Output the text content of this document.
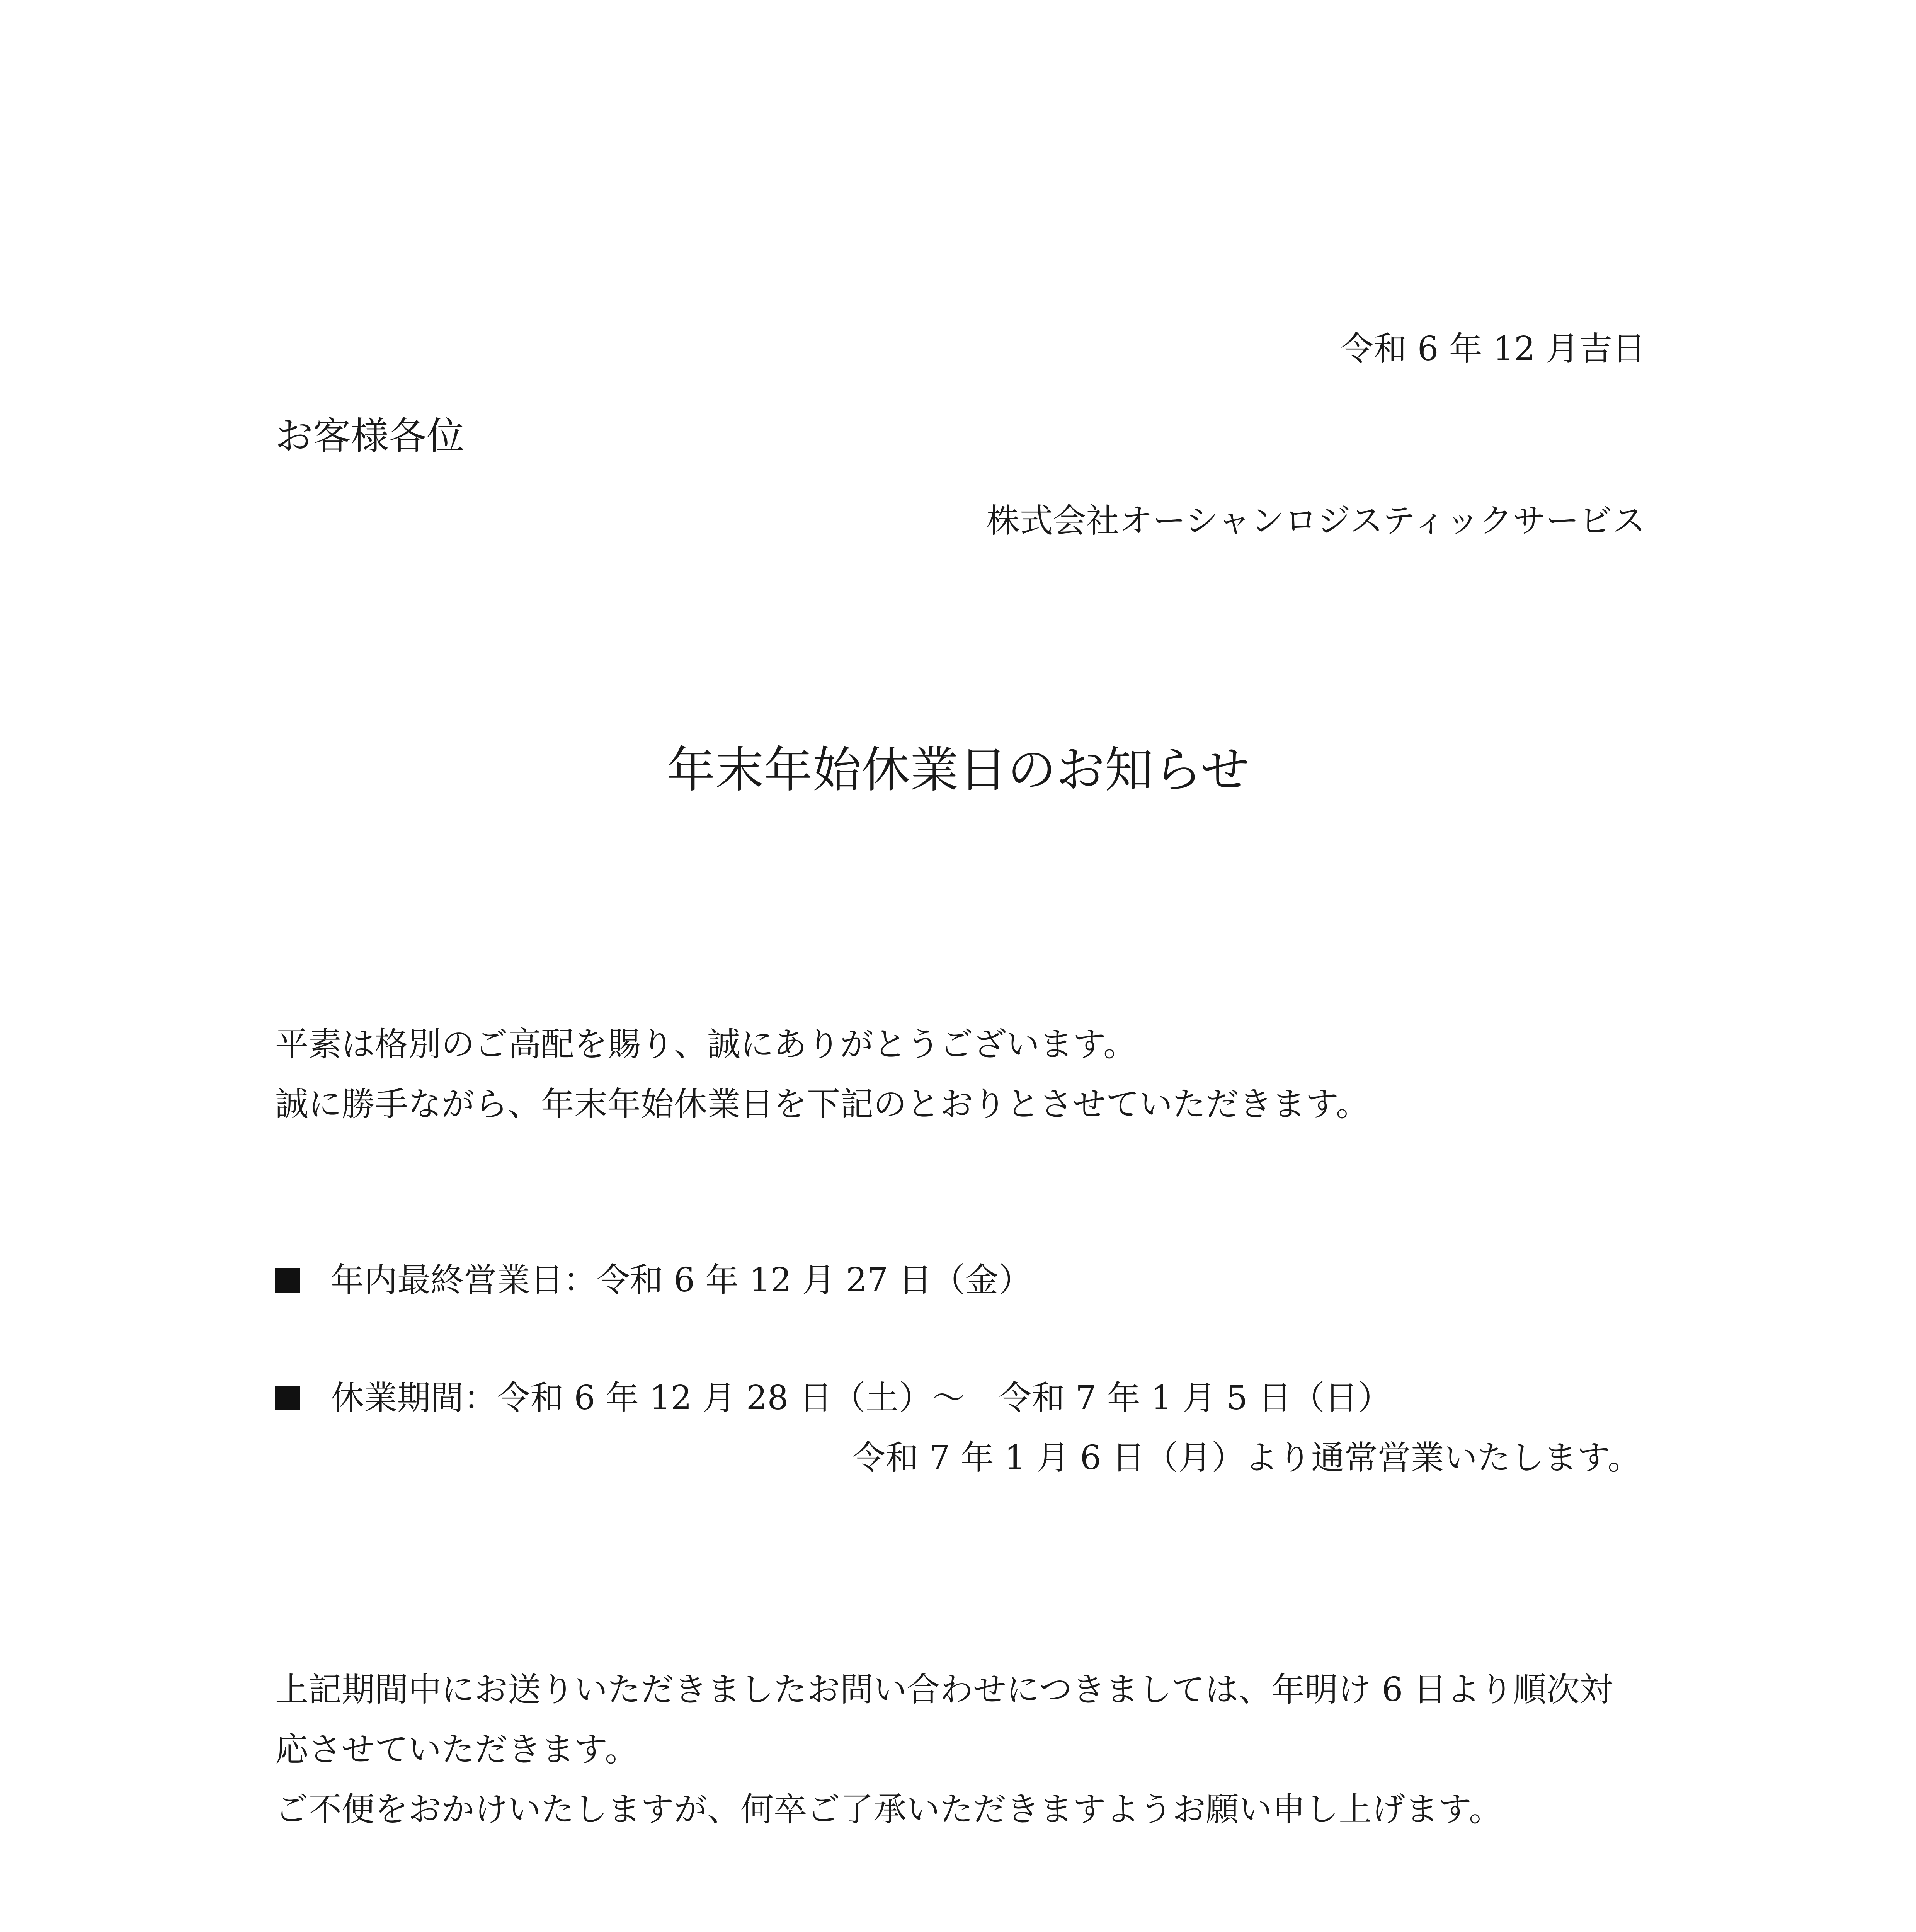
令和 6 年 12 月吉日
お客様各位
株式会社オーシャンロジスティックサービス
年末年始休業日のお知らせ
平素は格別のご高配を賜り、誠にありがとうございます。
誠に勝手ながら、年末年始休業日を下記のとおりとさせていただきます。
年内最終営業日：令和 6 年 12 月 27 日（金）
休業期間：令和 6 年 12 月 28 日（土）～　令和 7 年 1 月 5 日（日）
令和 7 年 1 月 6 日（月）より通常営業いたします。
上記期間中にお送りいただきましたお問い合わせにつきましては、年明け 6 日より順次対
応させていただきます。
ご不便をおかけいたしますが、何卒ご了承いただきますようお願い申し上げます。
